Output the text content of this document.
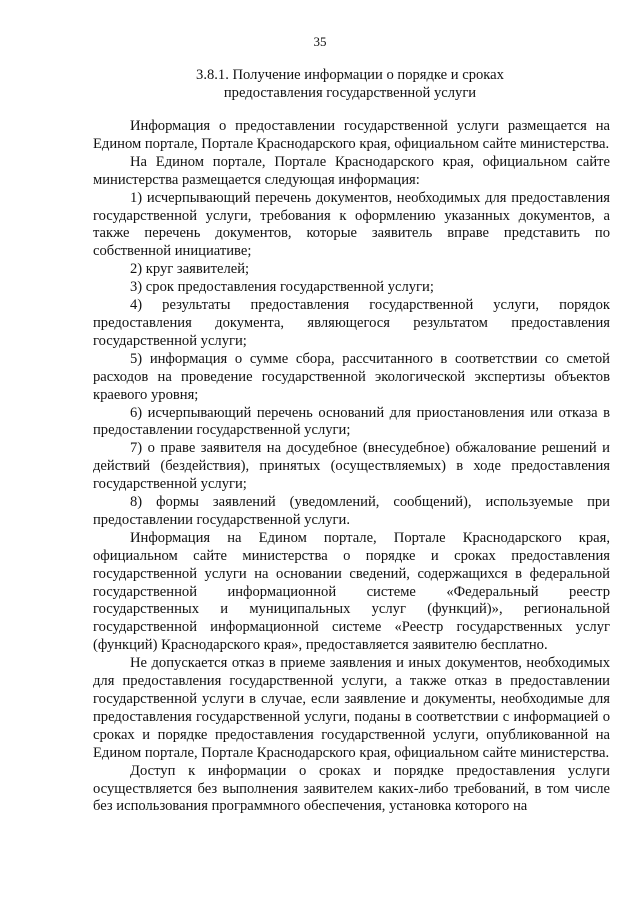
35
3.8.1. Получение информации о порядке и сроках
предоставления государственной услуги

Информация о предоставлении государственной услуги размещается на Едином портале, Портале Краснодарского края, официальном сайте министерства.

На Едином портале, Портале Краснодарского края, официальном сайте министерства размещается следующая информация:

1) исчерпывающий перечень документов, необходимых для предоставления государственной услуги, требования к оформлению указанных документов, а также перечень документов, которые заявитель вправе представить по собственной инициативе;

2) круг заявителей;

3) срок предоставления государственной услуги;

4) результаты предоставления государственной услуги, порядок предоставления документа, являющегося результатом предоставления государственной услуги;

5) информация о сумме сбора, рассчитанного в соответствии со сметой расходов на проведение государственной экологической экспертизы объектов краевого уровня;

6) исчерпывающий перечень оснований для приостановления или отказа в предоставлении государственной услуги;

7) о праве заявителя на досудебное (внесудебное) обжалование решений и действий (бездействия), принятых (осуществляемых) в ходе предоставления государственной услуги;

8) формы заявлений (уведомлений, сообщений), используемые при предоставлении государственной услуги.

Информация на Едином портале, Портале Краснодарского края, официальном сайте министерства о порядке и сроках предоставления государственной услуги на основании сведений, содержащихся в федеральной государственной информационной системе «Федеральный реестр государственных и муниципальных услуг (функций)», региональной государственной информационной системе «Реестр государственных услуг (функций) Краснодарского края», предоставляется заявителю бесплатно.

Не допускается отказ в приеме заявления и иных документов, необходимых для предоставления государственной услуги, а также отказ в предоставлении государственной услуги в случае, если заявление и документы, необходимые для предоставления государственной услуги, поданы в соответствии с информацией о сроках и порядке предоставления государственной услуги, опубликованной на Едином портале, Портале Краснодарского края, официальном сайте министерства.

Доступ к информации о сроках и порядке предоставления услуги осуществляется без выполнения заявителем каких-либо требований, в том числе без использования программного обеспечения, установка которого на
